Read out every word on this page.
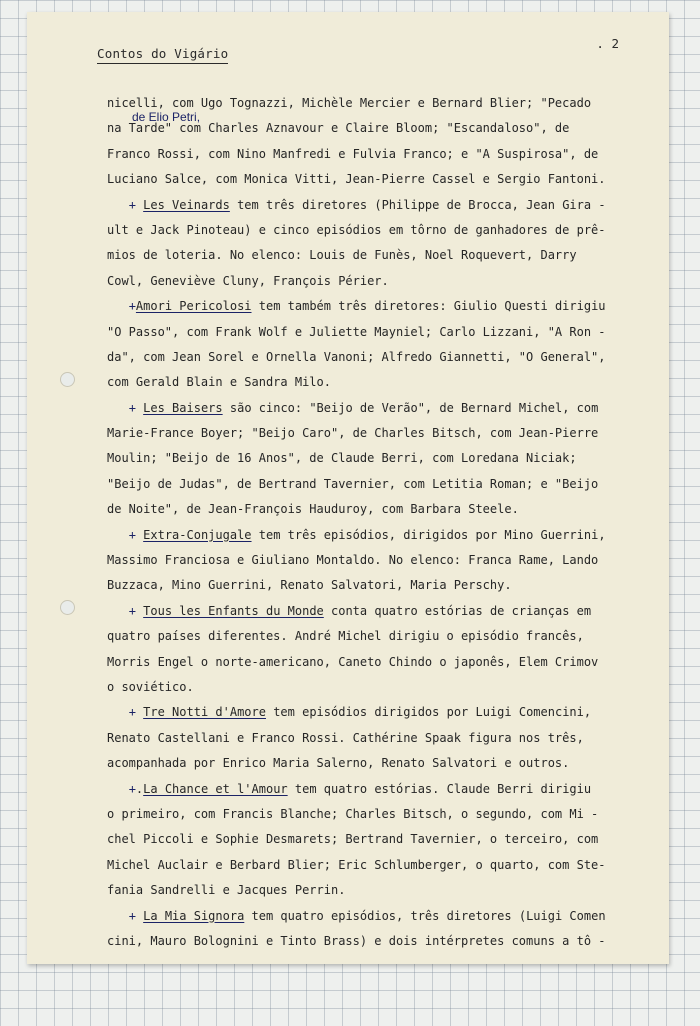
Contos do Vigário
. 2
de Elio Petri,
nicelli, com Ugo Tognazzi, Michèle Mercier e Bernard Blier; "Pecado
na Tarde" com Charles Aznavour e Claire Bloom; "Escandaloso", de
Franco Rossi, com Nino Manfredi e Fulvia Franco; e "A Suspirosa", de
Luciano Salce, com Monica Vitti, Jean-Pierre Cassel e Sergio Fantoni.
+ Les Veinards tem três diretores (Philippe de Brocca, Jean Gira -
ult e Jack Pinoteau) e cinco episódios em tôrno de ganhadores de prê-
mios de loteria. No elenco: Louis de Funès, Noel Roquevert, Darry
Cowl, Geneviève Cluny, François Périer.
+Amori Pericolosi tem também três diretores: Giulio Questi dirigiu
"O Passo", com Frank Wolf e Juliette Mayniel; Carlo Lizzani, "A Ron -
da", com Jean Sorel e Ornella Vanoni; Alfredo Giannetti, "O General",
com Gerald Blain e Sandra Milo.
+ Les Baisers são cinco: "Beijo de Verão", de Bernard Michel, com
Marie-France Boyer; "Beijo Caro", de Charles Bitsch, com Jean-Pierre
Moulin; "Beijo de 16 Anos", de Claude Berri, com Loredana Niciak;
"Beijo de Judas", de Bertrand Tavernier, com Letitia Roman; e "Beijo
de Noite", de Jean-François Hauduroy, com Barbara Steele.
+ Extra-Conjugale tem três episódios, dirigidos por Mino Guerrini,
Massimo Franciosa e Giuliano Montaldo. No elenco: Franca Rame, Lando
Buzzaca, Mino Guerrini, Renato Salvatori, Maria Perschy.
+ Tous les Enfants du Monde conta quatro estórias de crianças em
quatro países diferentes. André Michel dirigiu o episódio francês,
Morris Engel o norte-americano, Caneto Chindo o japonês, Elem Crimov
o soviético.
+ Tre Notti d'Amore tem episódios dirigidos por Luigi Comencini,
Renato Castellani e Franco Rossi. Cathérine Spaak figura nos três,
acompanhada por Enrico Maria Salerno, Renato Salvatori e outros.
+.La Chance et l'Amour tem quatro estórias. Claude Berri dirigiu
o primeiro, com Francis Blanche; Charles Bitsch, o segundo, com Mi -
chel Piccoli e Sophie Desmarets; Bertrand Tavernier, o terceiro, com
Michel Auclair e Berbard Blier; Eric Schlumberger, o quarto, com Ste-
fania Sandrelli e Jacques Perrin.
+ La Mia Signora tem quatro episódios, três diretores (Luigi Comen
cini, Mauro Bolognini e Tinto Brass) e dois intérpretes comuns a tô -
